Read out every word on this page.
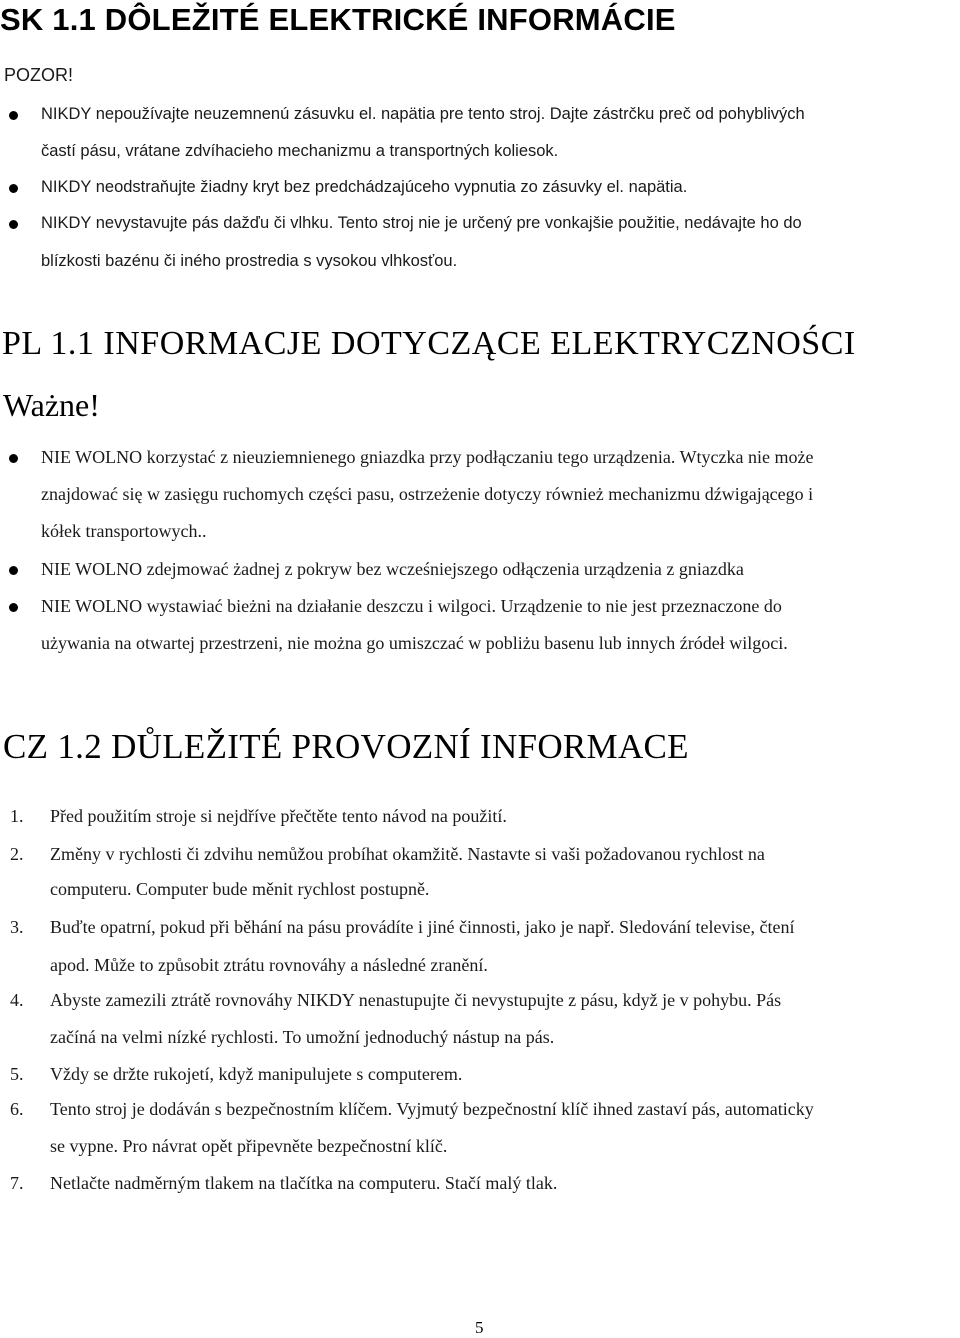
SK 1.1 DÔLEŽITÉ ELEKTRICKÉ INFORMÁCIE
POZOR!
NIKDY nepoužívajte neuzemnenú zásuvku el. napätia pre tento stroj. Dajte zástrčku preč od pohyblivých
častí pásu, vrátane zdvíhacieho mechanizmu a transportných koliesok.
NIKDY neodstraňujte žiadny kryt bez predchádzajúceho vypnutia zo zásuvky el. napätia.
NIKDY nevystavujte pás dažďu či vlhku. Tento stroj nie je určený pre vonkajšie použitie, nedávajte ho do
blízkosti bazénu či iného prostredia s vysokou vlhkosťou.
PL 1.1 INFORMACJE DOTYCZĄCE ELEKTRYCZNOŚCI
Ważne!
NIE WOLNO korzystać z nieuziemnienego gniazdka przy podłączaniu tego urządzenia. Wtyczka nie może
znajdować się w zasięgu ruchomych części pasu, ostrzeżenie dotyczy również mechanizmu dźwigającego i
kółek transportowych..
NIE WOLNO zdejmować żadnej z pokryw bez wcześniejszego odłączenia urządzenia z gniazdka
NIE WOLNO wystawiać bieżni na działanie deszczu i wilgoci. Urządzenie to nie jest przeznaczone do
używania na otwartej przestrzeni, nie można go umiszczać w pobliżu basenu lub innych źródeł wilgoci.
CZ 1.2 DŮLEŽITÉ PROVOZNÍ INFORMACE
1. Před použitím stroje si nejdříve přečtěte tento návod na použití.
2. Změny v rychlosti či zdvihu nemůžou probíhat okamžitě. Nastavte si vaši požadovanou rychlost na
computeru. Computer bude měnit rychlost postupně.
3. Buďte opatrní, pokud při běhání na pásu provádíte i jiné činnosti, jako je např. Sledování televise, čtení
apod. Může to způsobit ztrátu rovnováhy a následné zranění.
4. Abyste zamezili ztrátě rovnováhy NIKDY nenastupujte či nevystupujte z pásu, když je v pohybu. Pás
začíná na velmi nízké rychlosti. To umožní jednoduchý nástup na pás.
5. Vždy se držte rukojetí, když manipulujete s computerem.
6. Tento stroj je dodáván s bezpečnostním klíčem. Vyjmutý bezpečnostní klíč ihned zastaví pás, automaticky
se vypne. Pro návrat opět připevněte bezpečnostní klíč.
7. Netlačte nadměrným tlakem na tlačítka na computeru. Stačí malý tlak.
5
